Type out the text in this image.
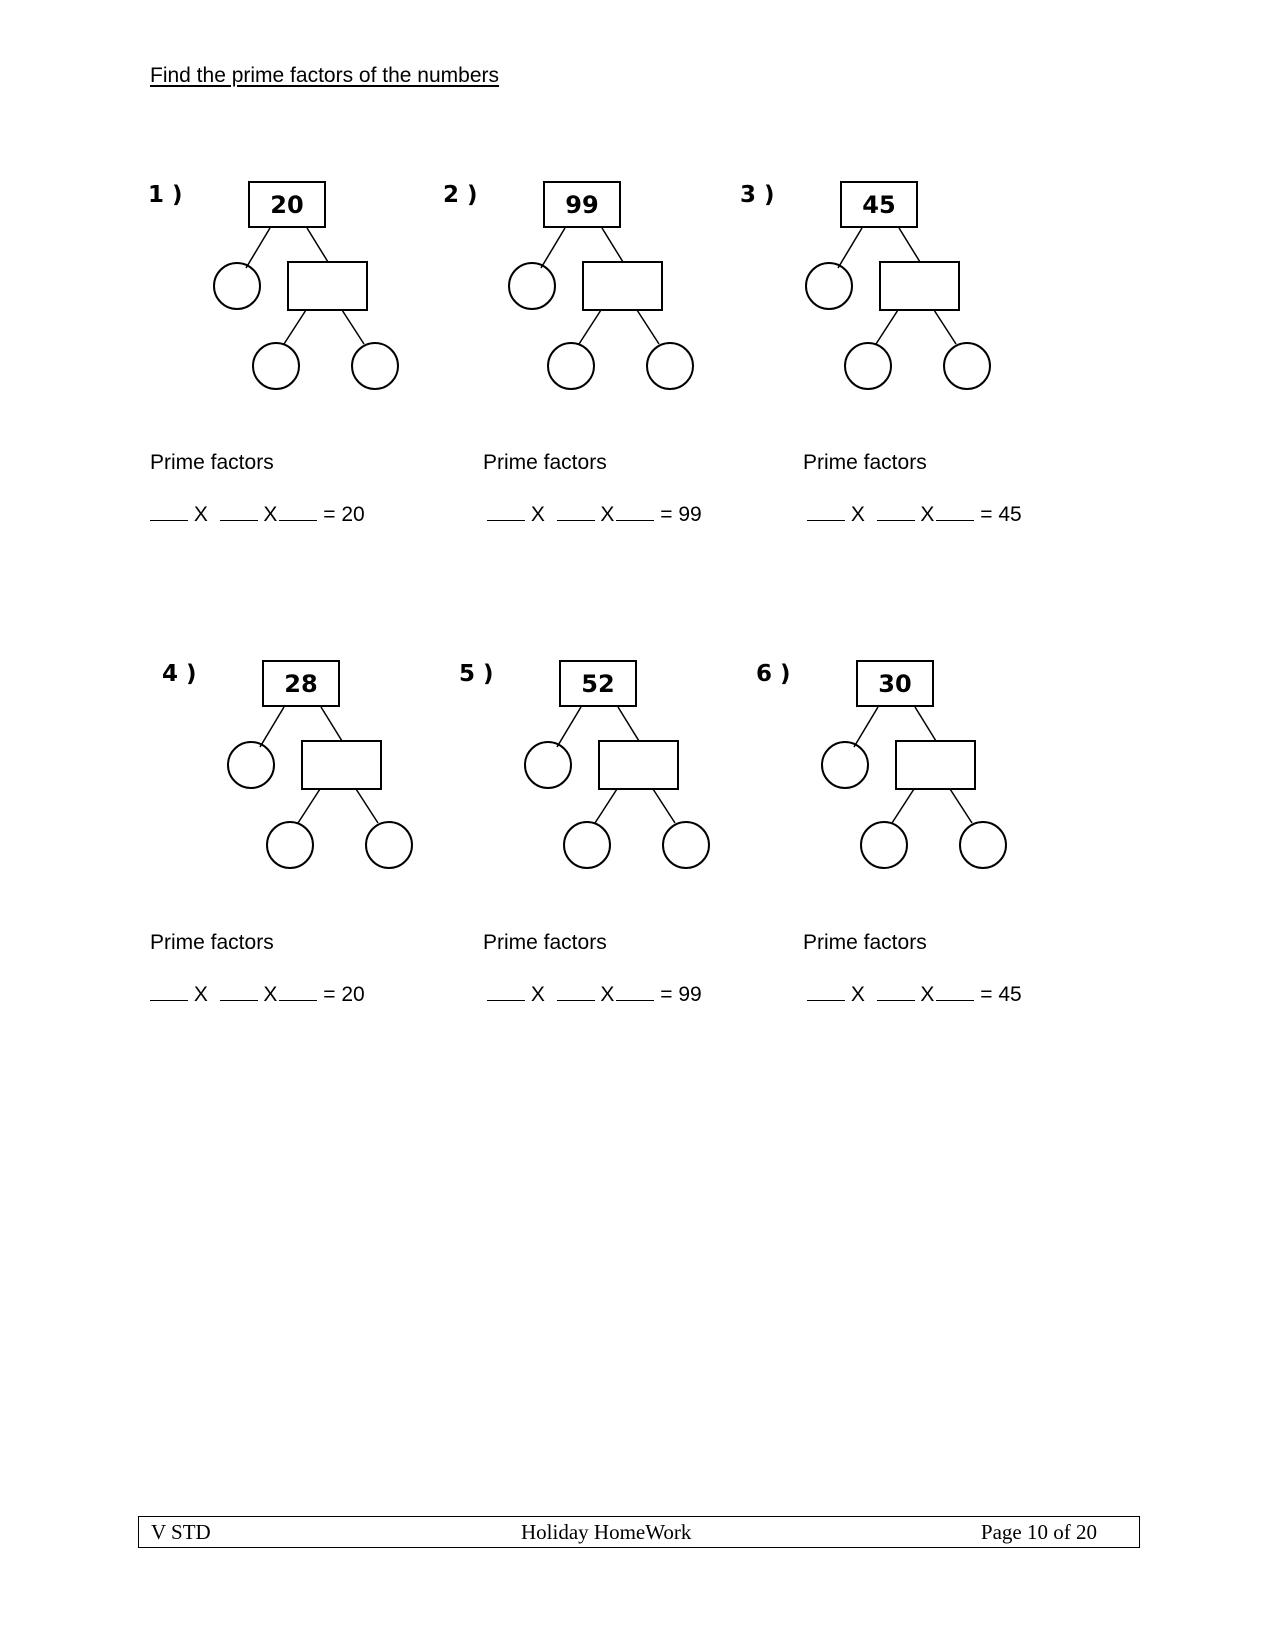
Find the prime factors of the numbers
1 )	20	2 )	99	3 )	45
4 )	28	5 )	52	6 )	30
Prime factors
X	X = 20
Prime factors
X	X = 99
Prime factors
X	X = 45
Prime factors
X	X = 20
Prime factors
X	X = 99
Prime factors
X	X = 45
V STD	Holiday HomeWork	Page 10 of 20
